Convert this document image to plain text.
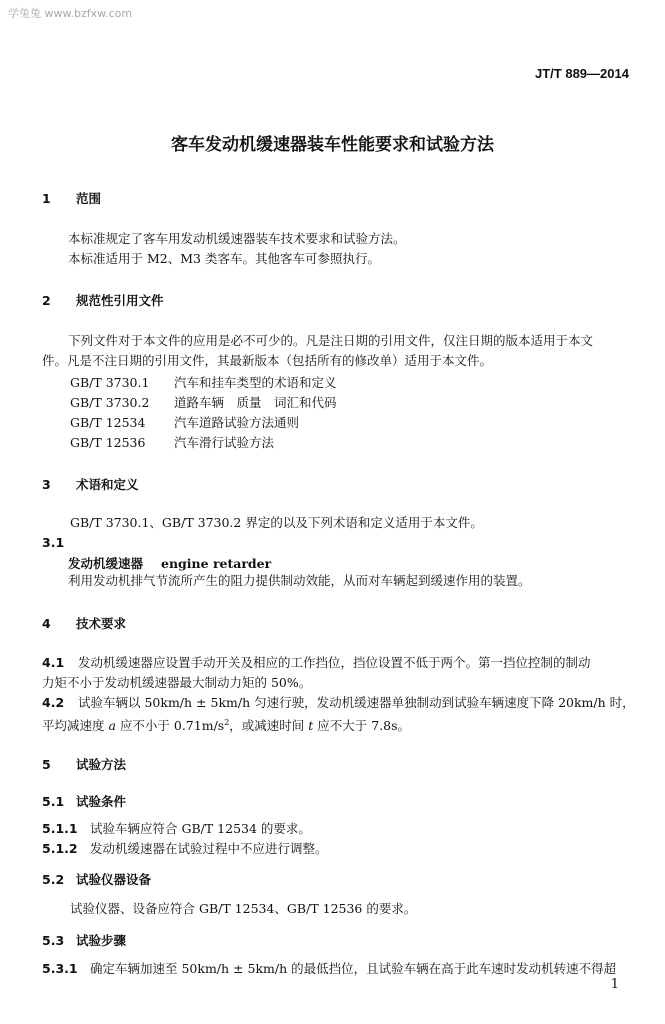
学兔兔 www.bzfxw.com
JT/T 889—2014
客车发动机缓速器装车性能要求和试验方法
1 范围
本标准规定了客车用发动机缓速器装车技术要求和试验方法。
本标准适用于 M2、M3 类客车。其他客车可参照执行。
2 规范性引用文件
下列文件对于本文件的应用是必不可少的。凡是注日期的引用文件，仅注日期的版本适用于本文
件。凡是不注日期的引用文件，其最新版本（包括所有的修改单）适用于本文件。
GB/T 3730.1 汽车和挂车类型的术语和定义
GB/T 3730.2 道路车辆　质量　词汇和代码
GB/T 12534 汽车道路试验方法通则
GB/T 12536 汽车滑行试验方法
3 术语和定义
GB/T 3730.1、GB/T 3730.2 界定的以及下列术语和定义适用于本文件。
3.1
发动机缓速器 engine retarder
利用发动机排气节流所产生的阻力提供制动效能，从而对车辆起到缓速作用的装置。
4 技术要求
4.1 发动机缓速器应设置手动开关及相应的工作挡位，挡位设置不低于两个。第一挡位控制的制动
力矩不小于发动机缓速器最大制动力矩的 50%。
4.2 试验车辆以 50km/h ± 5km/h 匀速行驶，发动机缓速器单独制动到试验车辆速度下降 20km/h 时，
平均减速度 a 应不小于 $0.71m/s^2$，或减速时间 t 应不大于 7.8s。
5 试验方法
5.1 试验条件
5.1.1 试验车辆应符合 GB/T 12534 的要求。
5.1.2 发动机缓速器在试验过程中不应进行调整。
5.2 试验仪器设备
试验仪器、设备应符合 GB/T 12534、GB/T 12536 的要求。
5.3 试验步骤
5.3.1 确定车辆加速至 50km/h ± 5km/h 的最低挡位，且试验车辆在高于此车速时发动机转速不得超
1
